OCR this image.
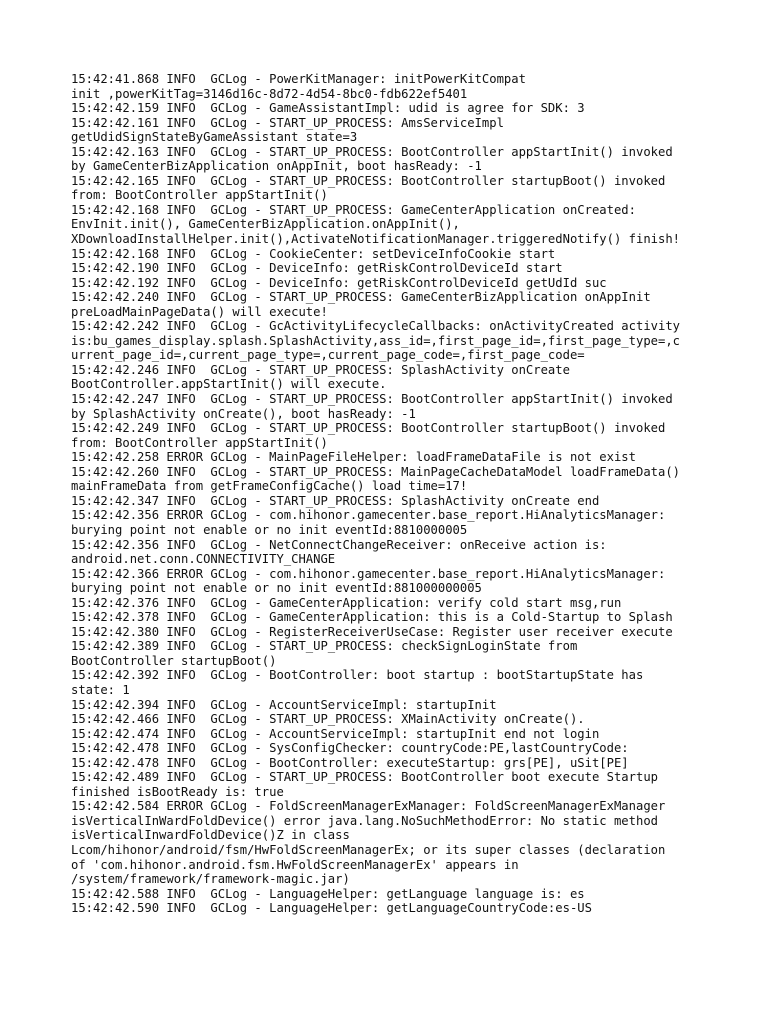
15:42:41.868 INFO  GCLog - PowerKitManager: initPowerKitCompat
init ,powerKitTag=3146d16c-8d72-4d54-8bc0-fdb622ef5401
15:42:42.159 INFO  GCLog - GameAssistantImpl: udid is agree for SDK: 3
15:42:42.161 INFO  GCLog - START_UP_PROCESS: AmsServiceImpl
getUdidSignStateByGameAssistant state=3
15:42:42.163 INFO  GCLog - START_UP_PROCESS: BootController appStartInit() invoked
by GameCenterBizApplication onAppInit, boot hasReady: -1
15:42:42.165 INFO  GCLog - START_UP_PROCESS: BootController startupBoot() invoked
from: BootController appStartInit()
15:42:42.168 INFO  GCLog - START_UP_PROCESS: GameCenterApplication onCreated:
EnvInit.init(), GameCenterBizApplication.onAppInit(),
XDownloadInstallHelper.init(),ActivateNotificationManager.triggeredNotify() finish!
15:42:42.168 INFO  GCLog - CookieCenter: setDeviceInfoCookie start
15:42:42.190 INFO  GCLog - DeviceInfo: getRiskControlDeviceId start
15:42:42.192 INFO  GCLog - DeviceInfo: getRiskControlDeviceId getUdId suc
15:42:42.240 INFO  GCLog - START_UP_PROCESS: GameCenterBizApplication onAppInit
preLoadMainPageData() will execute!
15:42:42.242 INFO  GCLog - GcActivityLifecycleCallbacks: onActivityCreated activity
is:bu_games_display.splash.SplashActivity,ass_id=,first_page_id=,first_page_type=,c
urrent_page_id=,current_page_type=,current_page_code=,first_page_code=
15:42:42.246 INFO  GCLog - START_UP_PROCESS: SplashActivity onCreate
BootController.appStartInit() will execute.
15:42:42.247 INFO  GCLog - START_UP_PROCESS: BootController appStartInit() invoked
by SplashActivity onCreate(), boot hasReady: -1
15:42:42.249 INFO  GCLog - START_UP_PROCESS: BootController startupBoot() invoked
from: BootController appStartInit()
15:42:42.258 ERROR GCLog - MainPageFileHelper: loadFrameDataFile is not exist
15:42:42.260 INFO  GCLog - START_UP_PROCESS: MainPageCacheDataModel loadFrameData()
mainFrameData from getFrameConfigCache() load time=17!
15:42:42.347 INFO  GCLog - START_UP_PROCESS: SplashActivity onCreate end
15:42:42.356 ERROR GCLog - com.hihonor.gamecenter.base_report.HiAnalyticsManager:
burying point not enable or no init eventId:8810000005
15:42:42.356 INFO  GCLog - NetConnectChangeReceiver: onReceive action is:
android.net.conn.CONNECTIVITY_CHANGE
15:42:42.366 ERROR GCLog - com.hihonor.gamecenter.base_report.HiAnalyticsManager:
burying point not enable or no init eventId:881000000005
15:42:42.376 INFO  GCLog - GameCenterApplication: verify cold start msg,run
15:42:42.378 INFO  GCLog - GameCenterApplication: this is a Cold-Startup to Splash
15:42:42.380 INFO  GCLog - RegisterReceiverUseCase: Register user receiver execute
15:42:42.389 INFO  GCLog - START_UP_PROCESS: checkSignLoginState from
BootController startupBoot()
15:42:42.392 INFO  GCLog - BootController: boot startup : bootStartupState has
state: 1
15:42:42.394 INFO  GCLog - AccountServiceImpl: startupInit
15:42:42.466 INFO  GCLog - START_UP_PROCESS: XMainActivity onCreate().
15:42:42.474 INFO  GCLog - AccountServiceImpl: startupInit end not login
15:42:42.478 INFO  GCLog - SysConfigChecker: countryCode:PE,lastCountryCode:
15:42:42.478 INFO  GCLog - BootController: executeStartup: grs[PE], uSit[PE]
15:42:42.489 INFO  GCLog - START_UP_PROCESS: BootController boot execute Startup
finished isBootReady is: true
15:42:42.584 ERROR GCLog - FoldScreenManagerExManager: FoldScreenManagerExManager
isVerticalInWardFoldDevice() error java.lang.NoSuchMethodError: No static method
isVerticalInwardFoldDevice()Z in class
Lcom/hihonor/android/fsm/HwFoldScreenManagerEx; or its super classes (declaration
of 'com.hihonor.android.fsm.HwFoldScreenManagerEx' appears in
/system/framework/framework-magic.jar)
15:42:42.588 INFO  GCLog - LanguageHelper: getLanguage language is: es
15:42:42.590 INFO  GCLog - LanguageHelper: getLanguageCountryCode:es-US
